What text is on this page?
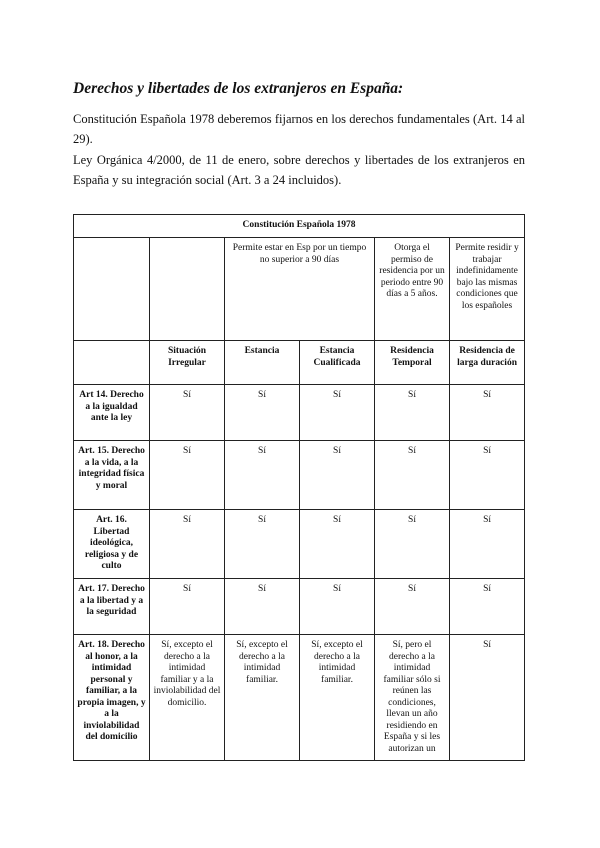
Derechos y libertades de los extranjeros en España:

Constitución Española 1978 deberemos fijarnos en los derechos fundamentales (Art. 14 al 29).

Ley Orgánica 4/2000, de 11 de enero, sobre derechos y libertades de los extranjeros en España y su integración social (Art. 3 a 24 incluidos).

Constitución Española 1978					
		Permite estar en Esp por un tiempo no superior a 90 días		Otorga el permiso de residencia por un periodo entre 90 días a 5 años.	Permite residir y trabajar indefinidamente bajo las mismas condiciones que los españoles
	Situación Irregular	Estancia	Estancia Cualificada	Residencia Temporal	Residencia de larga duración
Art 14. Derecho a la igualdad ante la ley	Sí	Sí	Sí	Sí	Sí
Art. 15. Derecho a la vida, a la integridad física y moral	Sí	Sí	Sí	Sí	Sí
Art. 16. Libertad ideológica, religiosa y de culto	Sí	Sí	Sí	Sí	Sí
Art. 17. Derecho a la libertad y a la seguridad	Sí	Sí	Sí	Sí	Sí
Art. 18. Derecho al honor, a la intimidad personal y familiar, a la propia imagen, y a la inviolabilidad del domicilio	Sí, excepto el derecho a la intimidad familiar y a la inviolabilidad del domicilio.	Sí, excepto el derecho a la intimidad familiar.	Sí, excepto el derecho a la intimidad familiar.	Sí, pero el derecho a la intimidad familiar sólo si reúnen las condiciones, llevan un año residiendo en España y si les autorizan un	Sí
